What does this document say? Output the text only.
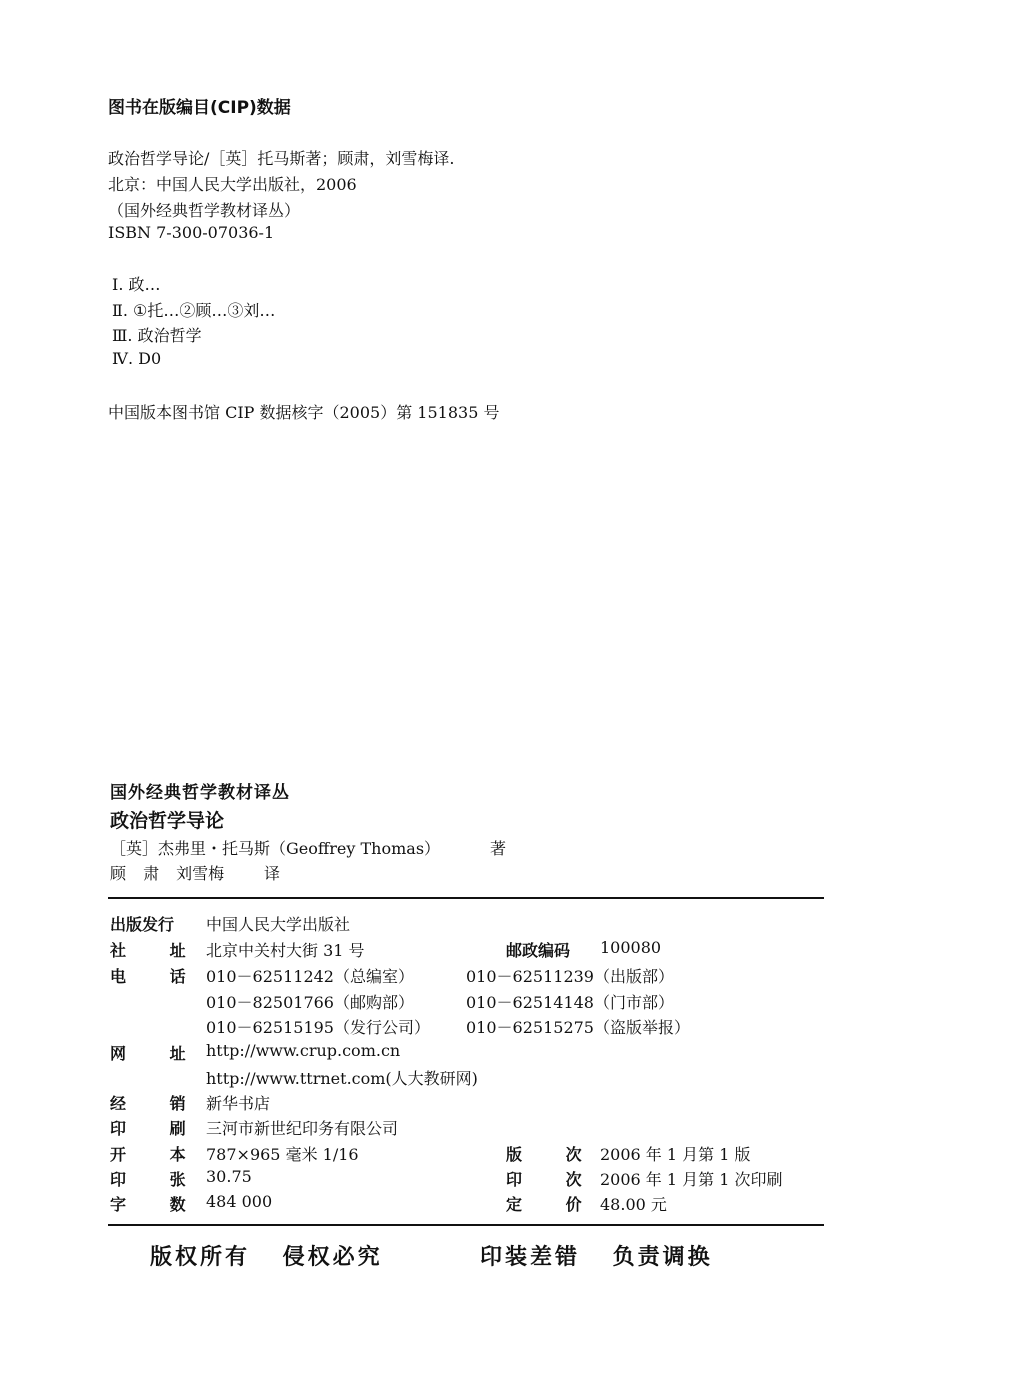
图书在版编目(CIP)数据
政治哲学导论/［英］托马斯著；顾肃，刘雪梅译.
北京：中国人民大学出版社，2006
（国外经典哲学教材译丛）
ISBN 7-300-07036-1
Ⅰ. 政…
Ⅱ. ①托…②顾…③刘…
Ⅲ. 政治哲学
Ⅳ. D0
中国版本图书馆 CIP 数据核字（2005）第 151835 号
国外经典哲学教材译丛
政治哲学导论
［英］杰弗里・托马斯（Geoffrey Thomas）	著
顾 肃 刘雪梅 译
出版发行 中国人民大学出版社
社 址 北京中关村大街 31 号	邮政编码 100080
电 话 010－62511242（总编室）	010－62511239（出版部）
010－82501766（邮购部）	010－62514148（门市部）
010－62515195（发行公司） 010－62515275（盗版举报）
网 址 http://www.crup.com.cn
http://www.ttrnet.com(人大教研网)
经 销 新华书店
印 刷 三河市新世纪印务有限公司
开 本 787×965 毫米 1/16	版 次 2006 年 1 月第 1 版
印 张 30.75	印 次 2006 年 1 月第 1 次印刷
字 数 484 000	定 价 48.00 元
版权所有 侵权必究	印装差错 负责调换
